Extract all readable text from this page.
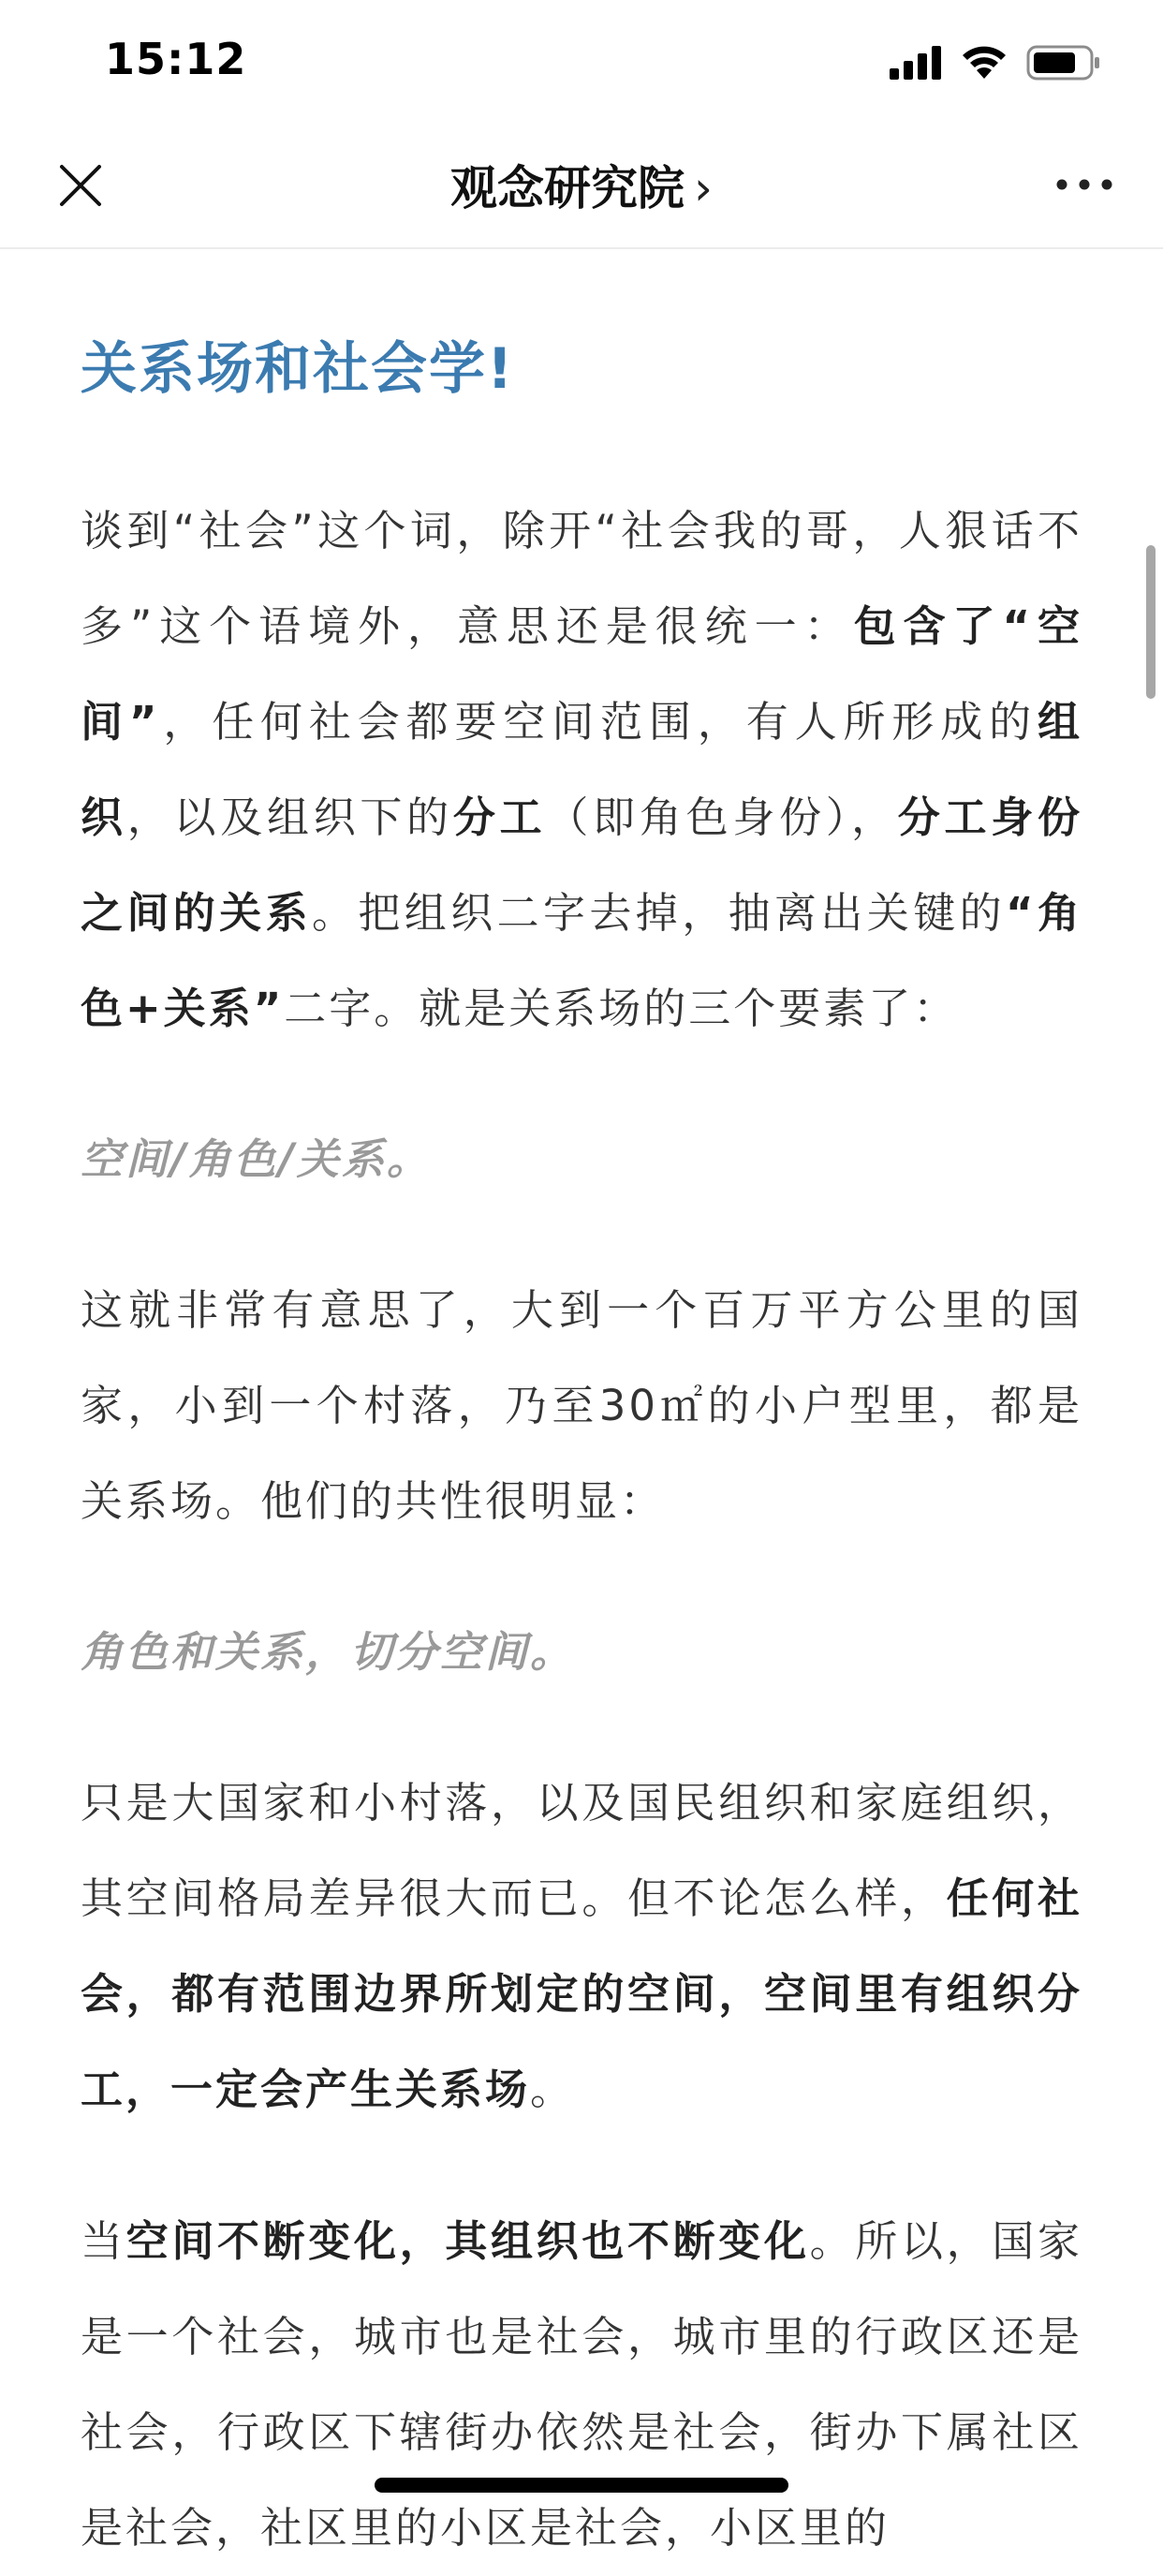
15:12
观念研究院 ›
关系场和社会学!

谈到“社会”这个词，除开“社会我的哥，人狠话不多”这个语境外，意思还是很统一：包含了“空间”，任何社会都要空间范围，有人所形成的组织，以及组织下的分工（即角色身份），分工身份之间的关系。把组织二字去掉，抽离出关键的“角色+关系”二字。就是关系场的三个要素了：

空间/角色/关系。

这就非常有意思了，大到一个百万平方公里的国家，小到一个村落，乃至30㎡的小户型里，都是关系场。他们的共性很明显：

角色和关系，切分空间。

只是大国家和小村落，以及国民组织和家庭组织，其空间格局差异很大而已。但不论怎么样，任何社会，都有范围边界所划定的空间，空间里有组织分工，一定会产生关系场。

当空间不断变化，其组织也不断变化。所以，国家是一个社会，城市也是社会，城市里的行政区还是社会，行政区下辖街办依然是社会，街办下属社区是社会，社区里的小区是社会，小区里的
